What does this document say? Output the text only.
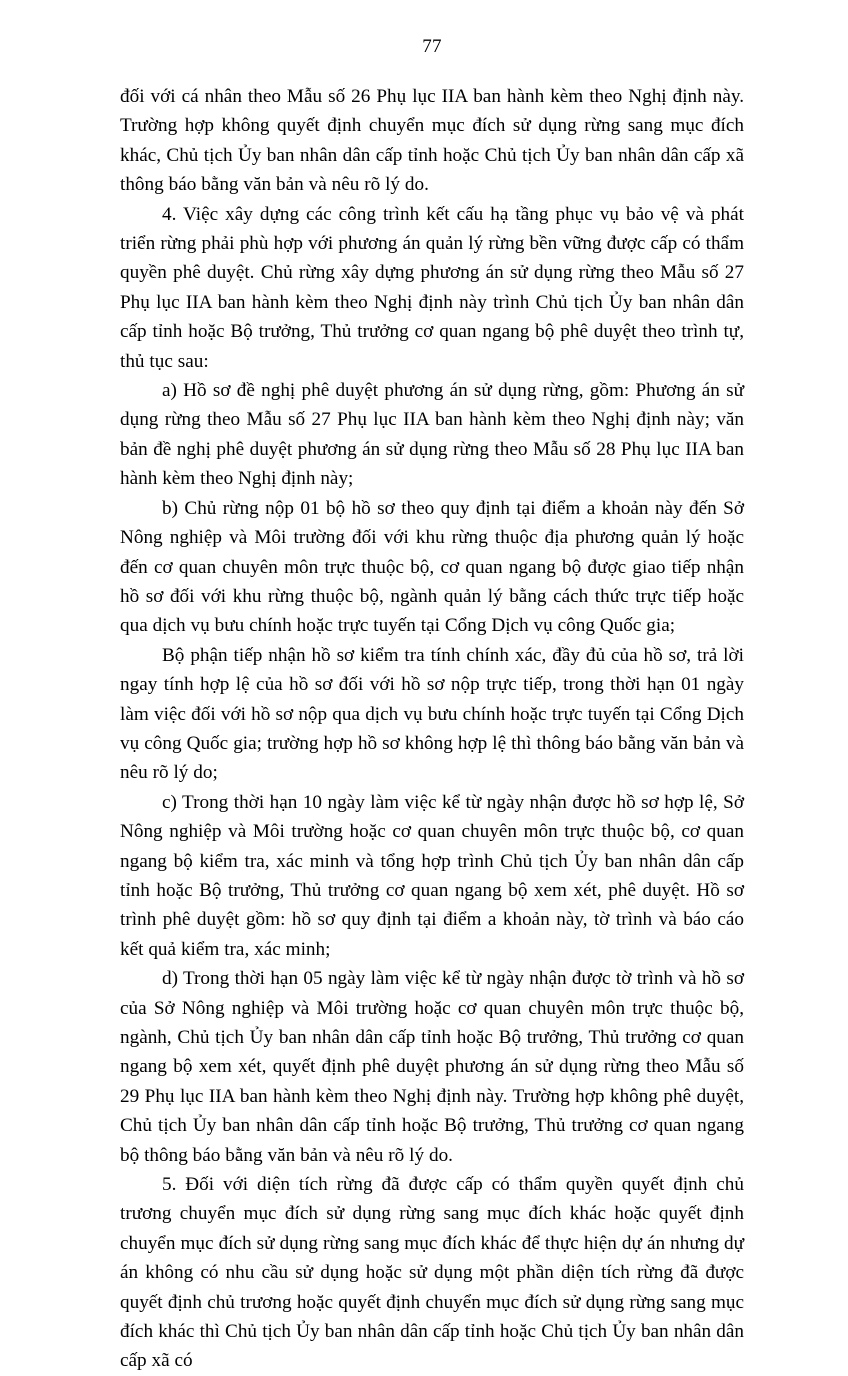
77

đối với cá nhân theo Mẫu số 26 Phụ lục IIA ban hành kèm theo Nghị định này. Trường hợp không quyết định chuyển mục đích sử dụng rừng sang mục đích khác, Chủ tịch Ủy ban nhân dân cấp tỉnh hoặc Chủ tịch Ủy ban nhân dân cấp xã thông báo bằng văn bản và nêu rõ lý do.

4. Việc xây dựng các công trình kết cấu hạ tầng phục vụ bảo vệ và phát triển rừng phải phù hợp với phương án quản lý rừng bền vững được cấp có thẩm quyền phê duyệt. Chủ rừng xây dựng phương án sử dụng rừng theo Mẫu số 27 Phụ lục IIA ban hành kèm theo Nghị định này trình Chủ tịch Ủy ban nhân dân cấp tỉnh hoặc Bộ trưởng, Thủ trưởng cơ quan ngang bộ phê duyệt theo trình tự, thủ tục sau:

a) Hồ sơ đề nghị phê duyệt phương án sử dụng rừng, gồm: Phương án sử dụng rừng theo Mẫu số 27 Phụ lục IIA ban hành kèm theo Nghị định này; văn bản đề nghị phê duyệt phương án sử dụng rừng theo Mẫu số 28 Phụ lục IIA ban hành kèm theo Nghị định này;

b) Chủ rừng nộp 01 bộ hồ sơ theo quy định tại điểm a khoản này đến Sở Nông nghiệp và Môi trường đối với khu rừng thuộc địa phương quản lý hoặc đến cơ quan chuyên môn trực thuộc bộ, cơ quan ngang bộ được giao tiếp nhận hồ sơ đối với khu rừng thuộc bộ, ngành quản lý bằng cách thức trực tiếp hoặc qua dịch vụ bưu chính hoặc trực tuyến tại Cổng Dịch vụ công Quốc gia;

Bộ phận tiếp nhận hồ sơ kiểm tra tính chính xác, đầy đủ của hồ sơ, trả lời ngay tính hợp lệ của hồ sơ đối với hồ sơ nộp trực tiếp, trong thời hạn 01 ngày làm việc đối với hồ sơ nộp qua dịch vụ bưu chính hoặc trực tuyến tại Cổng Dịch vụ công Quốc gia; trường hợp hồ sơ không hợp lệ thì thông báo bằng văn bản và nêu rõ lý do;

c) Trong thời hạn 10 ngày làm việc kể từ ngày nhận được hồ sơ hợp lệ, Sở Nông nghiệp và Môi trường hoặc cơ quan chuyên môn trực thuộc bộ, cơ quan ngang bộ kiểm tra, xác minh và tổng hợp trình Chủ tịch Ủy ban nhân dân cấp tỉnh hoặc Bộ trưởng, Thủ trưởng cơ quan ngang bộ xem xét, phê duyệt. Hồ sơ trình phê duyệt gồm: hồ sơ quy định tại điểm a khoản này, tờ trình và báo cáo kết quả kiểm tra, xác minh;

d) Trong thời hạn 05 ngày làm việc kể từ ngày nhận được tờ trình và hồ sơ của Sở Nông nghiệp và Môi trường hoặc cơ quan chuyên môn trực thuộc bộ, ngành, Chủ tịch Ủy ban nhân dân cấp tỉnh hoặc Bộ trưởng, Thủ trưởng cơ quan ngang bộ xem xét, quyết định phê duyệt phương án sử dụng rừng theo Mẫu số 29 Phụ lục IIA ban hành kèm theo Nghị định này. Trường hợp không phê duyệt, Chủ tịch Ủy ban nhân dân cấp tỉnh hoặc Bộ trưởng, Thủ trưởng cơ quan ngang bộ thông báo bằng văn bản và nêu rõ lý do.

5. Đối với diện tích rừng đã được cấp có thẩm quyền quyết định chủ trương chuyển mục đích sử dụng rừng sang mục đích khác hoặc quyết định chuyển mục đích sử dụng rừng sang mục đích khác để thực hiện dự án nhưng dự án không có nhu cầu sử dụng hoặc sử dụng một phần diện tích rừng đã được quyết định chủ trương hoặc quyết định chuyển mục đích sử dụng rừng sang mục đích khác thì Chủ tịch Ủy ban nhân dân cấp tỉnh hoặc Chủ tịch Ủy ban nhân dân cấp xã có
